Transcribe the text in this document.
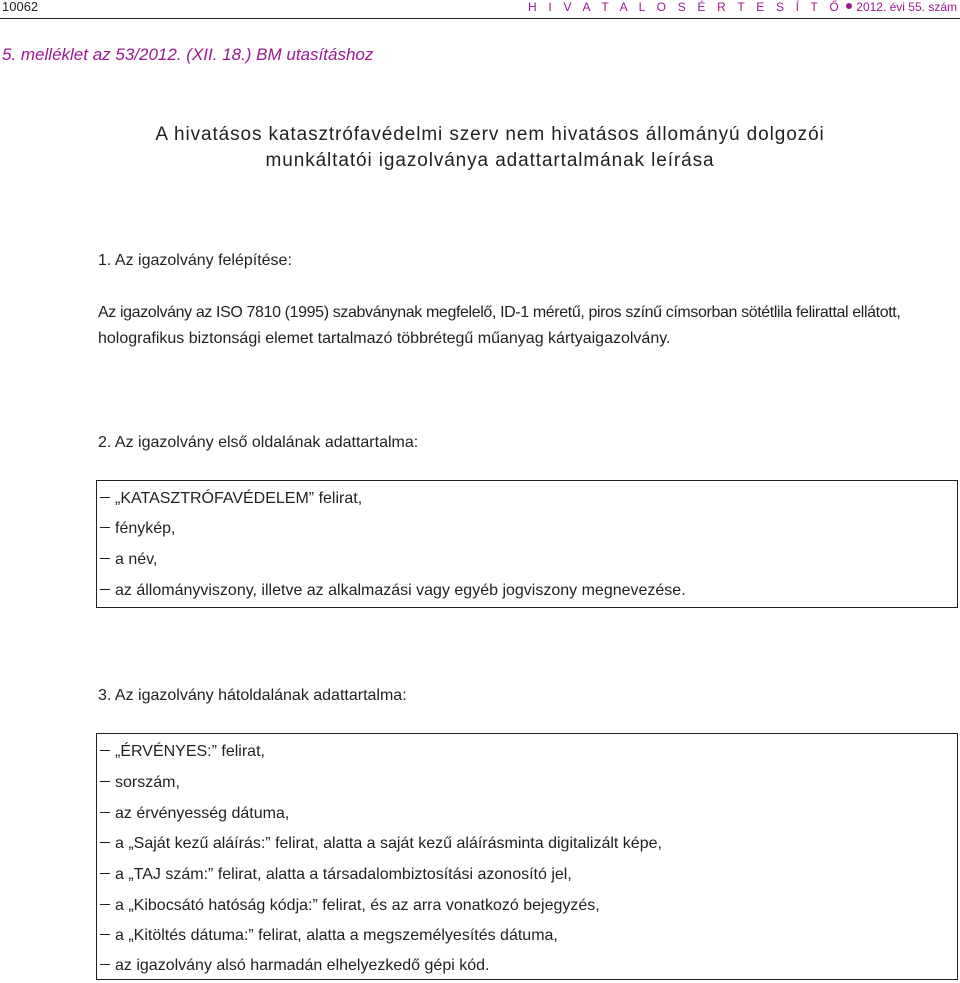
10062	H I V A T A L O S É R T E S Í T Ő 2012. évi 55. szám
5. melléklet az 53/2012. (XII. 18.) BM utasításhoz
A hivatásos katasztrófavédelmi szerv nem hivatásos állományú dolgozói
munkáltatói igazolványa adattartalmának leírása
1. Az igazolvány felépítése:
Az igazolvány az ISO 7810 (1995) szabványnak megfelelő, ID-1 méretű, piros színű címsorban sötétlila felirattal ellátott,
holografikus biztonsági elemet tartalmazó többrétegű műanyag kártyaigazolvány.
2. Az igazolvány első oldalának adattartalma:
„KATASZTRÓFAVÉDELEM” felirat,
fénykép,
a név,
az állományviszony, illetve az alkalmazási vagy egyéb jogviszony megnevezése.
3. Az igazolvány hátoldalának adattartalma:
„ÉRVÉNYES:” felirat,
sorszám,
az érvényesség dátuma,
a „Saját kezű aláírás:” felirat, alatta a saját kezű aláírásminta digitalizált képe,
a „TAJ szám:” felirat, alatta a társadalombiztosítási azonosító jel,
a „Kibocsátó hatóság kódja:” felirat, és az arra vonatkozó bejegyzés,
a „Kitöltés dátuma:” felirat, alatta a megszemélyesítés dátuma,
az igazolvány alsó harmadán elhelyezkedő gépi kód.
